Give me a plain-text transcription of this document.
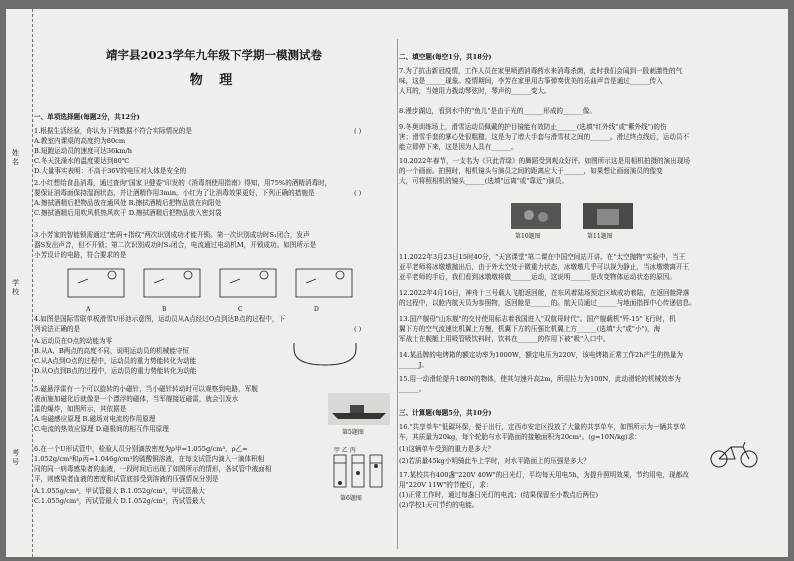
姓名
学校
考号
靖宇县2023学年九年级下学期一模测试卷
物 理
一、单项选择题(每题2分，共12分)
1.根据生活经验，你认为下列数据不符合实际情况的是
A.教室内课桌的高度约为80cm
B.短跑运动员的速度可达36km/h
C.冬天洗澡水的温度要达到80℃
D.大量事实表明：不高于36V的电压对人体是安全的
2.小红想给食品消毒，通过查询"国家卫健委"印发的《消毒剂使用指南》得知，用75%的酒精消毒时，
要保证消毒面保持湿润状态，并让酒精作用3min。小红为了让消毒效果更好，下列正确的措施是
A.擦拭酒精后把物品放在通风处 B.擦拭酒精后把物品放在向阳处
C.擦拭酒精后用吹风机热风吹干 D.擦拭酒精后把物品放入密封袋
3.小芳家的智能锁需通过"密码+指纹"两次识别成功才能开锁。第一次识别成功时S₁闭合，发声
器S发出声音，但不开锁；第二次识别成功时S₂闭合，电流通过电动机M，开锁成功。如图所示是
小芳设计的电路，符合要求的是
4.如图是国际雪联单板滑雪U形池示意图，运动员从A点经过O点到达B点的过程中，下
列说法正确的是
A.运动员在O点的动能为零
B.从A、B两点的高度不同，说明运动员的机械能守恒
C.从A点到O点的过程中，运动员的重力势能转化为动能
D.从O点到B点的过程中，运动员的重力势能转化为动能
5.磁悬浮雷有一个可以旋转的小磁针，当小磁针转动时可以观察到电路，军舰
表面施加磁化后就像是一个漂浮的磁体，当军舰接近磁雷，就会引发水
雷的爆炸，如图所示，其依据是
A.电磁感应原理 B.磁场对电流的作用原理
C.电流的热效应原理 D.磁极间的相互作用原理
6.在一个U形试管中，检验人员分别滴放密度为ρ甲=1.055g/cm³，ρ乙=
1.052g/cm³和ρ丙=1.046g/cm³的硫酸铜溶液，在每支试管内滴入一滴体积相
同的同一病毒感染者的血液，一段时间后出现了如图所示的情形，各试管中液面相
平，则感染者血液的密度和试管底部受到溶液的压强情况分别是
A.1.055g/cm³，甲试管最大 B.1.052g/cm³，甲试管最大
C.1.055g/cm³，丙试管最大 D.1.052g/cm³，丙试管最大
( )
( )
( )
A	B	C	D
第5题图
甲 乙 丙
第6题图
二、填空题(每空1分，共18分)
7.为了抗击新冠疫情，工作人员在家里喷洒消毒药水来消毒杀菌，此时我们会闻到一股刺激性的气
味，这是______现象。疫情期间，李芳在家里用古筝弹奏优美的乐曲声音是通过______传入
人耳的，当她用力拨动琴弦时，琴声的______变大。
8.漫步湖边，看到水中的"鱼儿"是由于光的______形成的______像。
9.冬奥训练场上，滑雪运动员佩戴的护目镜能有效防止______(选填"红外线"或"紫外线")的伤
害；滑雪手套的掌心处很粗糙，这是为了增大手套与滑雪杖之间的______。滑过终点线后，运动员不
能立即停下来，这是因为人具有______。
10.2022年春节，一支名为《只此青绿》的舞蹈受到观众好评。如图所示这是用相机拍摄的演出现场
的一个画面。拍照时，相机镜头与演员之间的距离应大于______，如果想让画面演员的像变
大，可将照相机的镜头______(选填"远离"或"靠近")演员。
11.2022年3月23日15时40分，"天宫课堂"第二课在中国空间站开讲。在"太空抛物"实验中，当王
亚平老师将冰墩墩抛出后，由于外太空处于微重力状态，冰墩墩几乎可以视为静止，当冰墩墩离开王
亚平老师的手后，我们看到冰墩墩将做______运动，这说明______是改变物体运动状态的原因。
12.2022年4月16日，神舟十三号载人飞船返回舱，在东风着陆场预定区域成功着陆，在返回舱降落
的过程中，以舱内航天员为参照物，返回舱是______的。航天员通过______与地面指挥中心传递信息。
13.国产舰母"山东舰"的交付使用标志着我国进入"双航母时代"。国产舰载机"歼-15"飞行时，机
翼下方的空气流速比机翼上方慢，机翼下方的压强比机翼上方______(选填"大"或"小")，海
军战士在舰艇上用吸管吸饮料时，饮料在______的作用下被"吸"入口中。
14.某品牌的电烤箱的额定功率为1000W，额定电压为220V，该电烤箱正常工作2h产生的热量为
______J。
15.用一动滑轮提升180N的物体，使其匀速升高2m，所用拉力为100N，此动滑轮的机械效率为
______。
三、计算题(每题5分，共10分)
16."共享单车"低碳环保，便于出行，定西市安定区投放了大量的共享单车，如图所示为一辆共享单
车，其质量为20kg，每个轮胎与水平路面的接触面积为20cm²。(g=10N/kg)求：
(1)这辆单车受到的重力是多大？
(2)若质量45kg小明骑此车上学时，对水平路面上的压强是多大？
17.某校共有400盏"220V 40W"的日光灯，平均每天用电5h，为提升照明效果，节约用电，现都改
用"220V 11W"的节能灯，求：
(1)正常工作时，通过每盏日光灯的电流；(结果保留至小数点后两位)
(2)学校1天可节约的电能。
第10题图	第11题图
